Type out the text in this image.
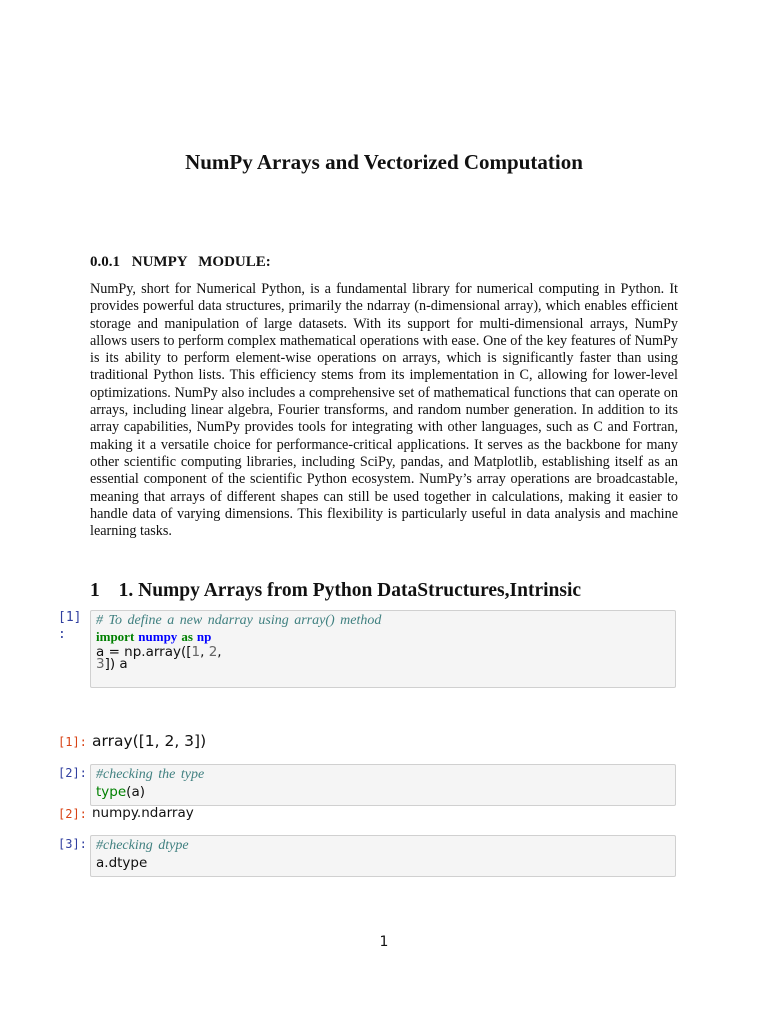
NumPy Arrays and Vectorized Computation
0.0.1 NUMPY   MODULE:

NumPy, short for Numerical Python, is a fundamental library for numerical computing in Python. It provides powerful data structures, primarily the ndarray (n-dimensional array), which enables efficient storage and manipulation of large datasets. With its support for multi-dimensional arrays, NumPy allows users to perform complex mathematical operations with ease. One of the key features of NumPy is its ability to perform element-wise operations on arrays, which is significantly faster than using traditional Python lists. This efficiency stems from its implementation in C, allowing for lower-level optimizations. NumPy also includes a comprehensive set of mathematical functions that can operate on arrays, including linear algebra, Fourier transforms, and random number generation. In addition to its array capabilities, NumPy provides tools for integrating with other languages, such as C and Fortran, making it a versatile choice for performance-critical applications. It serves as the backbone for many other scientific computing libraries, including SciPy, pandas, and Matplotlib, establishing itself as an essential component of the scientific Python ecosystem. NumPy’s array operations are broadcastable, meaning that arrays of different shapes can still be used together in calculations, making it easier to handle data of varying dimensions. This flexibility is particularly useful in data analysis and machine learning tasks.

1 1. Numpy Arrays from Python DataStructures,Intrinsic
[1]
:
# To define a new ndarray using array() method
import numpy as np
a = np.array([1, 2,
3]) a
[1]: array([1, 2, 3])
[2]: #checking the type
type(a)
[2]: numpy.ndarray
[3]: #checking dtype
a.dtype
1
